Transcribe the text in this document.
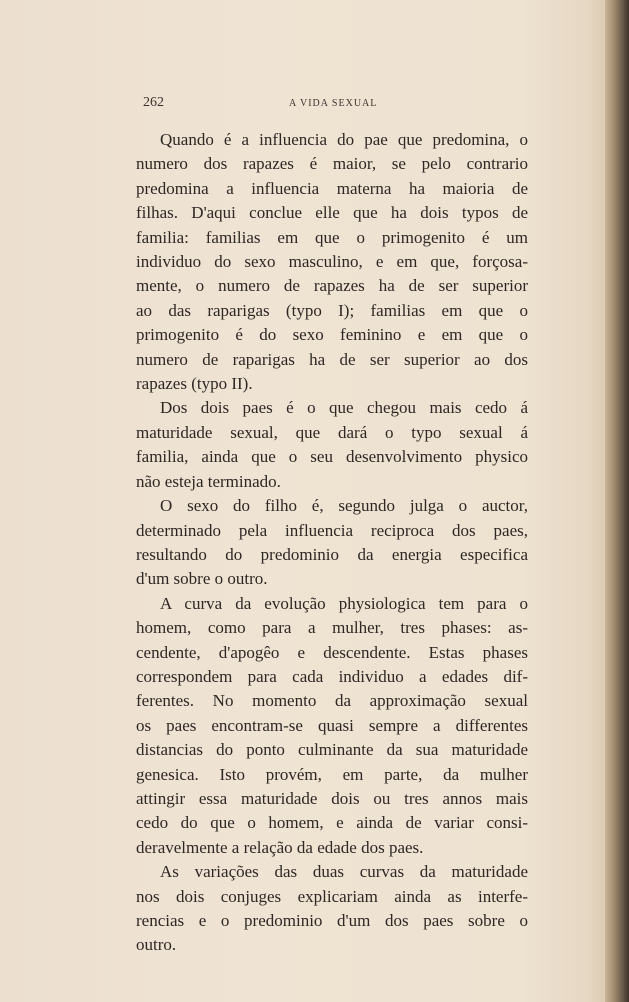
262	A VIDA SEXUAL

Quando é a influencia do pae que predomina, o
numero dos rapazes é maior, se pelo contrario
predomina a influencia materna ha maioria de
filhas. D'aqui conclue elle que ha dois typos de
familia: familias em que o primogenito é um
individuo do sexo masculino, e em que, forçosa-
mente, o numero de rapazes ha de ser superior
ao das raparigas (typo I); familias em que o
primogenito é do sexo feminino e em que o
numero de raparigas ha de ser superior ao dos
rapazes (typo II).

Dos dois paes é o que chegou mais cedo á
maturidade sexual, que dará o typo sexual á
familia, ainda que o seu desenvolvimento physico
não esteja terminado.

O sexo do filho é, segundo julga o auctor,
determinado pela influencia reciproca dos paes,
resultando do predominio da energia especifica
d'um sobre o outro.

A curva da evolução physiologica tem para o
homem, como para a mulher, tres phases: as-
cendente, d'apogêo e descendente. Estas phases
correspondem para cada individuo a edades dif-
ferentes. No momento da approximação sexual
os paes encontram-se quasi sempre a differentes
distancias do ponto culminante da sua maturidade
genesica. Isto provém, em parte, da mulher
attingir essa maturidade dois ou tres annos mais
cedo do que o homem, e ainda de variar consi-
deravelmente a relação da edade dos paes.

As variações das duas curvas da maturidade
nos dois conjuges explicariam ainda as interfe-
rencias e o predominio d'um dos paes sobre o
outro.
